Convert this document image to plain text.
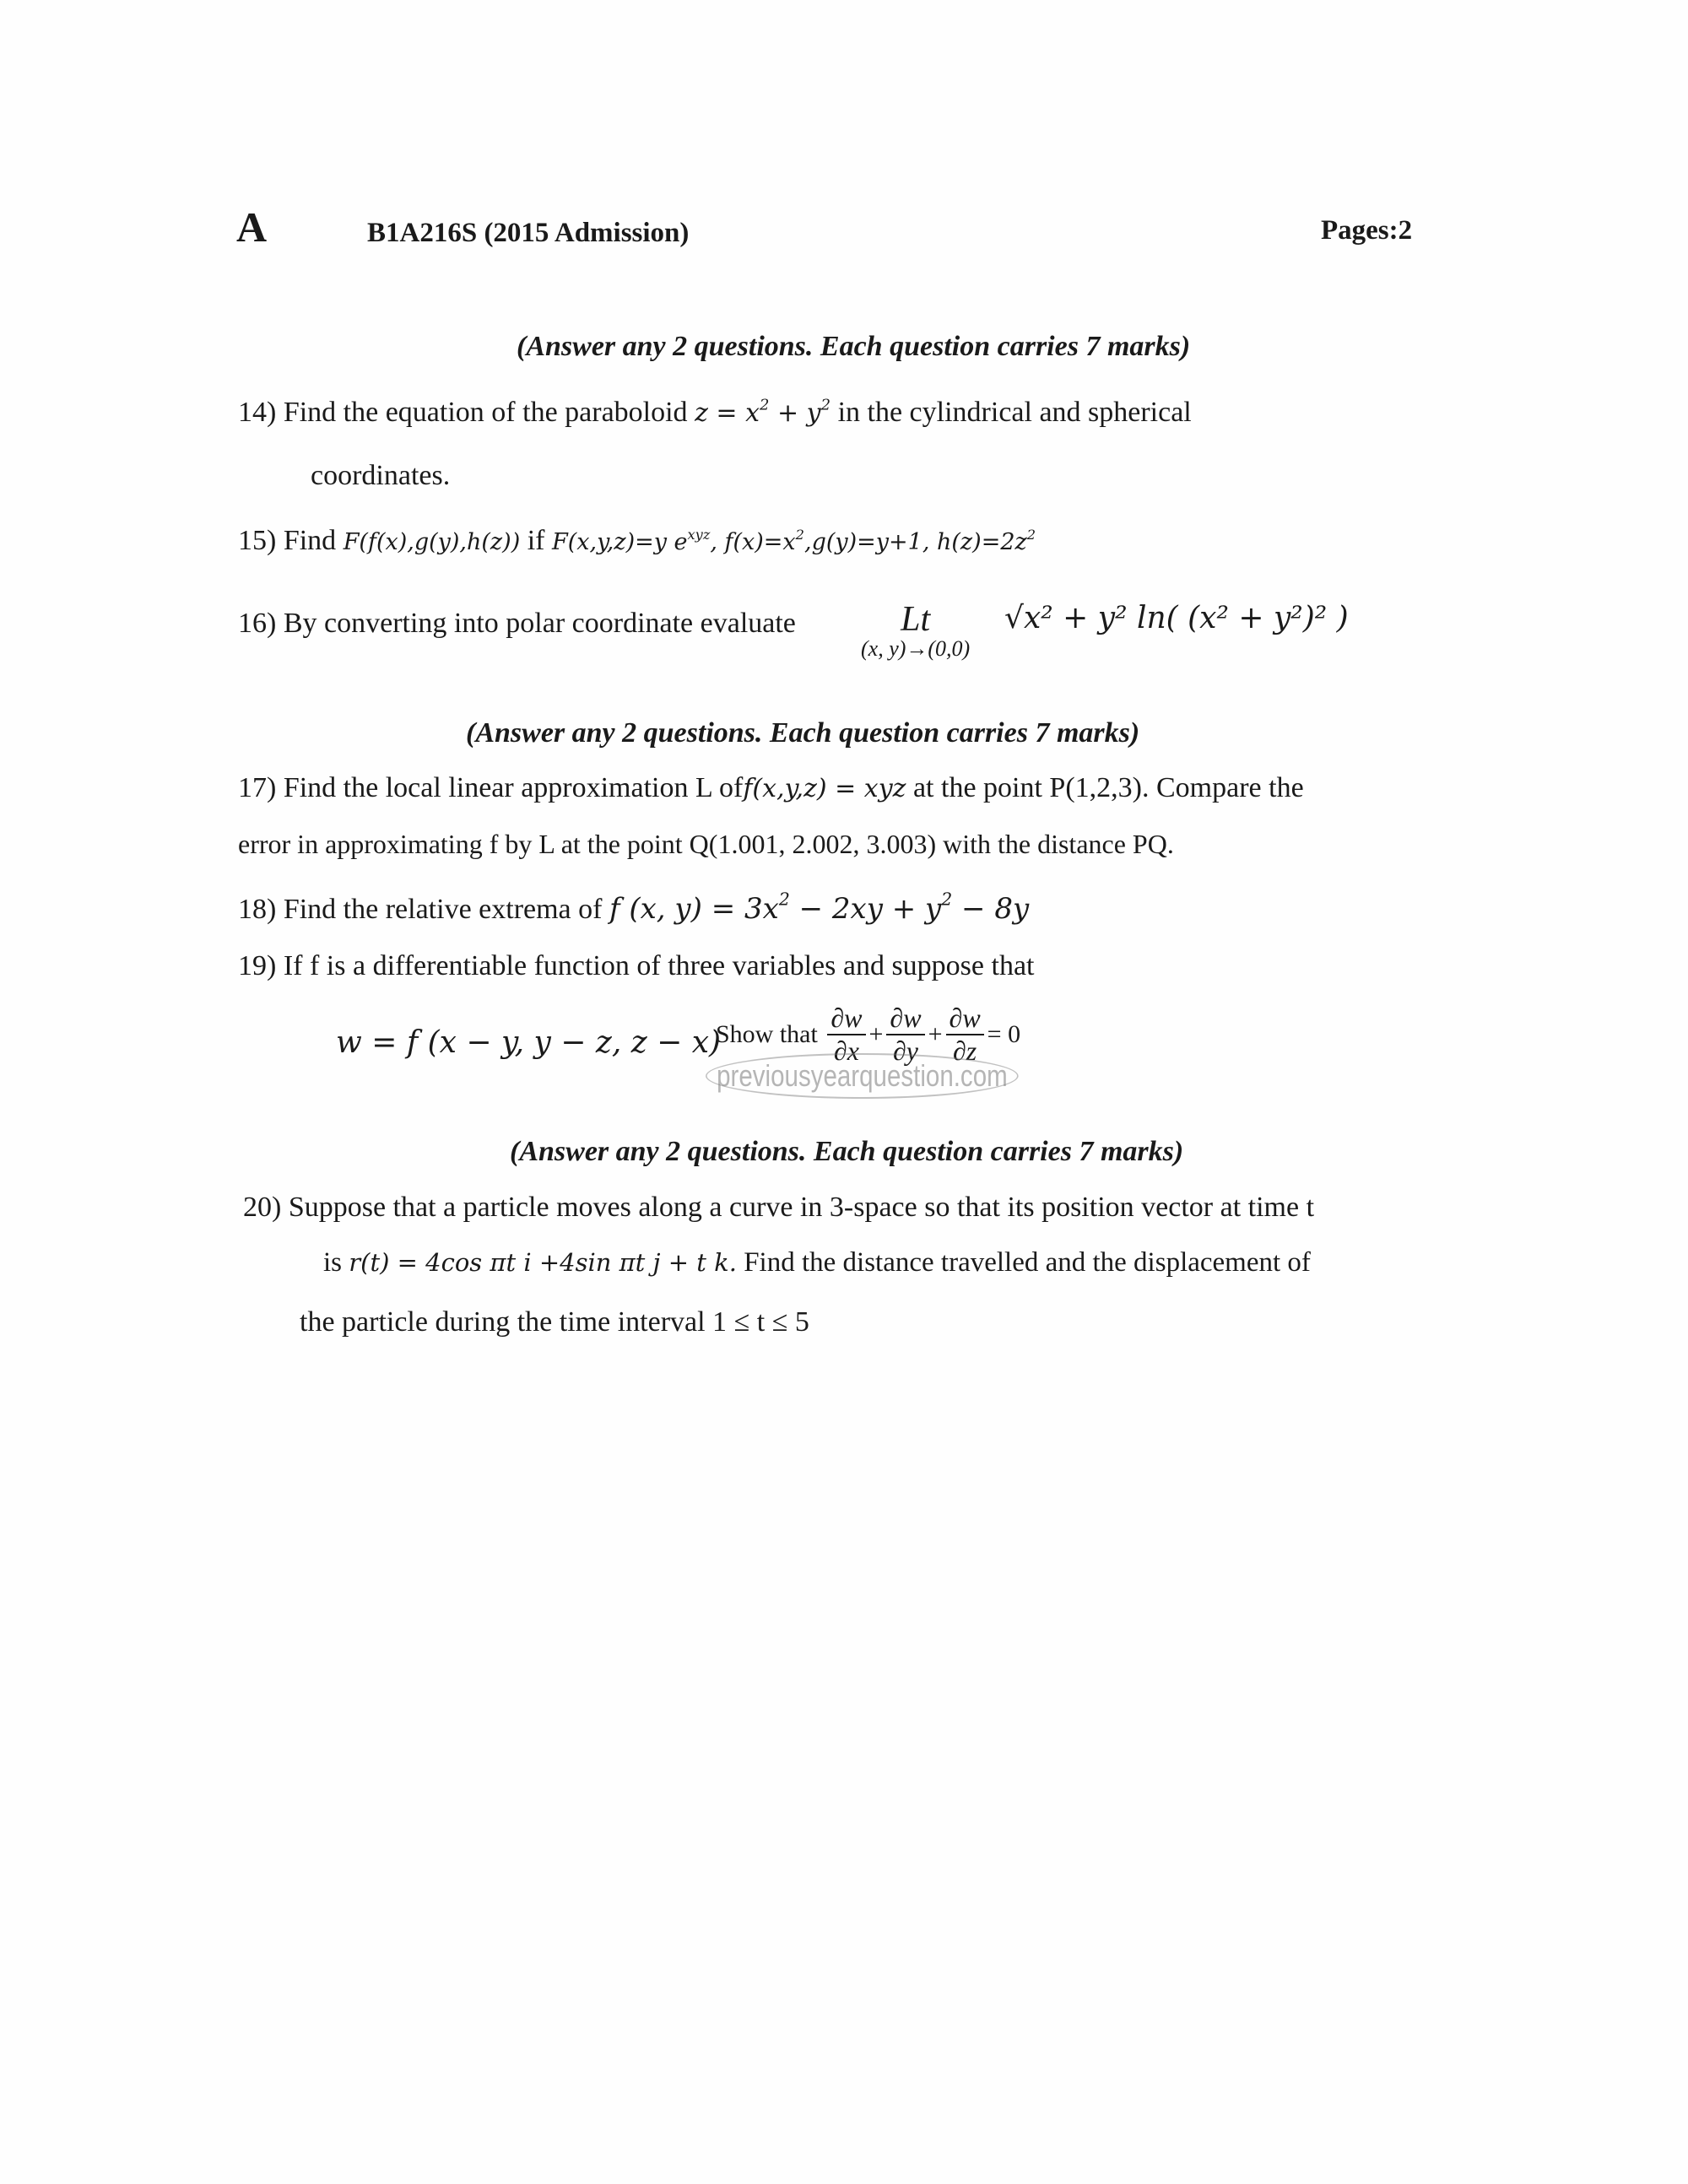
A	B1A216S (2015 Admission)	Pages:2
(Answer any 2 questions. Each question carries 7 marks)
14) Find the equation of the paraboloid $z = x^2 + y^2$ in the cylindrical and spherical
coordinates.
15) Find F(f(x),g(y),h(z)) if F(x,y,z)=y $e^{xyz}$, $f(x)=x^2,g(y)=y+1$, $h(z)=2z^2$
16) By converting into polar coordinate evaluate	Lt
(x, y)→(0,0)
√x² + y² ln( (x² + y²)² )
(Answer any 2 questions. Each question carries 7 marks)
17) Find the local linear approximation L off(x,y,z) = xyz at the point P(1,2,3). Compare the
error in approximating f by L at the point Q(1.001, 2.002, 3.003) with the distance PQ.
18) Find the relative extrema of f (x, $y) = 3x^2 - 2xy + y^2 - 8y$
19) If f is a differentiable function of three variables and suppose that
w = f (x − y, y − z, z − x)
Show that $\frac{\partial w}{\partial x} + \frac{\partial w}{\partial y} + \frac{\partial w}{\partial z} = 0$
previousyearquestion.com
(Answer any 2 questions. Each question carries 7 marks)
20) Suppose that a particle moves along a curve in 3-space so that its position vector at time t
is r(t) = 4cos πt i +4sin πt j + t k. Find the distance travelled and the displacement of
the particle during the time interval 1 ≤ t ≤ 5
